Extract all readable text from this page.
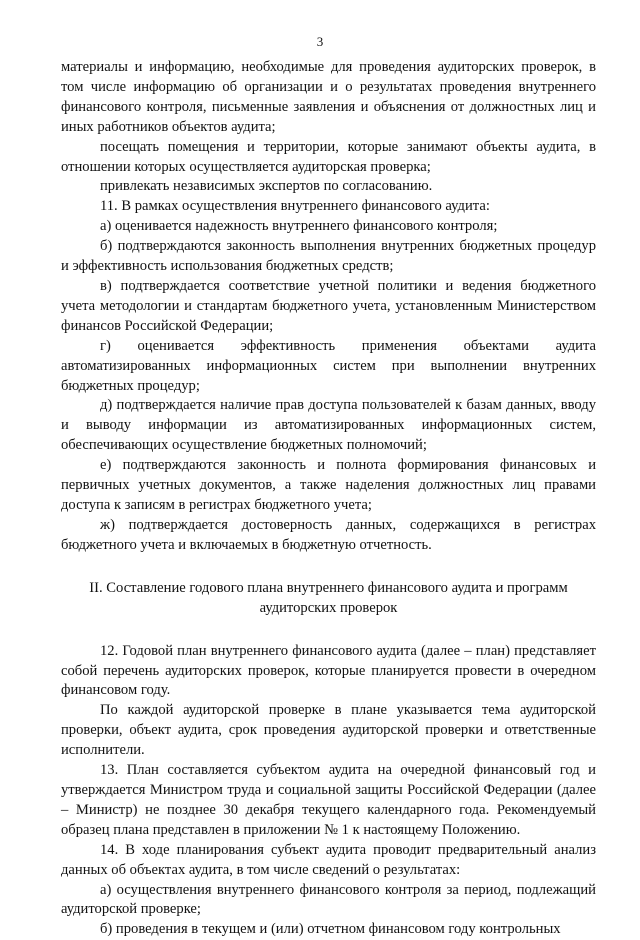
3

материалы и информацию, необходимые для проведения аудиторских проверок, в том числе информацию об организации и о результатах проведения внутреннего финансового контроля, письменные заявления и объяснения от должностных лиц и иных работников объектов аудита;

посещать помещения и территории, которые занимают объекты аудита, в отношении которых осуществляется аудиторская проверка;

привлекать независимых экспертов по согласованию.

11. В рамках осуществления внутреннего финансового аудита:

а) оценивается надежность внутреннего финансового контроля;

б) подтверждаются законность выполнения внутренних бюджетных процедур и эффективность использования бюджетных средств;

в) подтверждается соответствие учетной политики и ведения бюджетного учета методологии и стандартам бюджетного учета, установленным Министерством финансов Российской Федерации;

г) оценивается эффективность применения объектами аудита автоматизированных информационных систем при выполнении внутренних бюджетных процедур;

д) подтверждается наличие прав доступа пользователей к базам данных, вводу и выводу информации из автоматизированных информационных систем, обеспечивающих осуществление бюджетных полномочий;

е) подтверждаются законность и полнота формирования финансовых и первичных учетных документов, а также наделения должностных лиц правами доступа к записям в регистрах бюджетного учета;

ж) подтверждается достоверность данных, содержащихся в регистрах бюджетного учета и включаемых в бюджетную отчетность.

II. Составление годового плана внутреннего финансового аудита и программ

аудиторских проверок

12. Годовой план внутреннего финансового аудита (далее – план) представляет собой перечень аудиторских проверок, которые планируется провести в очередном финансовом году.

По каждой аудиторской проверке в плане указывается тема аудиторской проверки, объект аудита, срок проведения аудиторской проверки и ответственные исполнители.

13. План составляется субъектом аудита на очередной финансовый год и утверждается Министром труда и социальной защиты Российской Федерации (далее – Министр) не позднее 30 декабря текущего календарного года. Рекомендуемый образец плана представлен в приложении № 1 к настоящему Положению.

14. В ходе планирования субъект аудита проводит предварительный анализ данных об объектах аудита, в том числе сведений о результатах:

а) осуществления внутреннего финансового контроля за период, подлежащий аудиторской проверке;

б) проведения в текущем и (или) отчетном финансовом году контрольных
